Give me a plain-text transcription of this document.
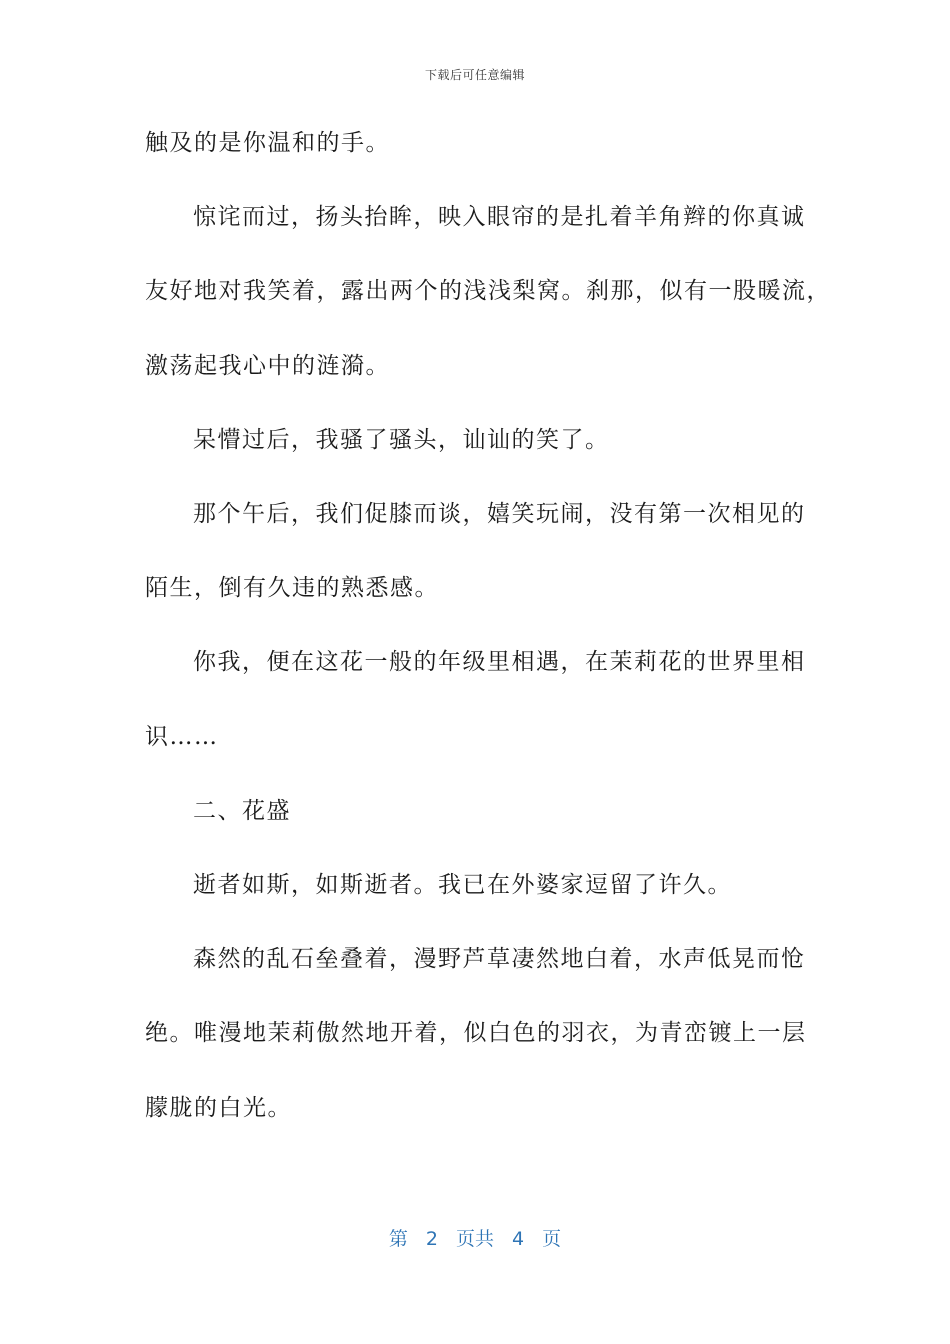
下载后可任意编辑
触及的是你温和的手。
惊诧而过，扬头抬眸，映入眼帘的是扎着羊角辫的你真诚
友好地对我笑着，露出两个的浅浅梨窝。刹那，似有一股暖流，
激荡起我心中的涟漪。
呆懵过后，我骚了骚头，讪讪的笑了。
那个午后，我们促膝而谈，嬉笑玩闹，没有第一次相见的
陌生，倒有久违的熟悉感。
你我，便在这花一般的年级里相遇，在茉莉花的世界里相
识……
二、花盛
逝者如斯，如斯逝者。我已在外婆家逗留了许久。
森然的乱石垒叠着，漫野芦草凄然地白着，水声低晃而怆
绝。唯漫地茉莉傲然地开着，似白色的羽衣，为青峦镀上一层
朦胧的白光。
第 2 页共 4 页
